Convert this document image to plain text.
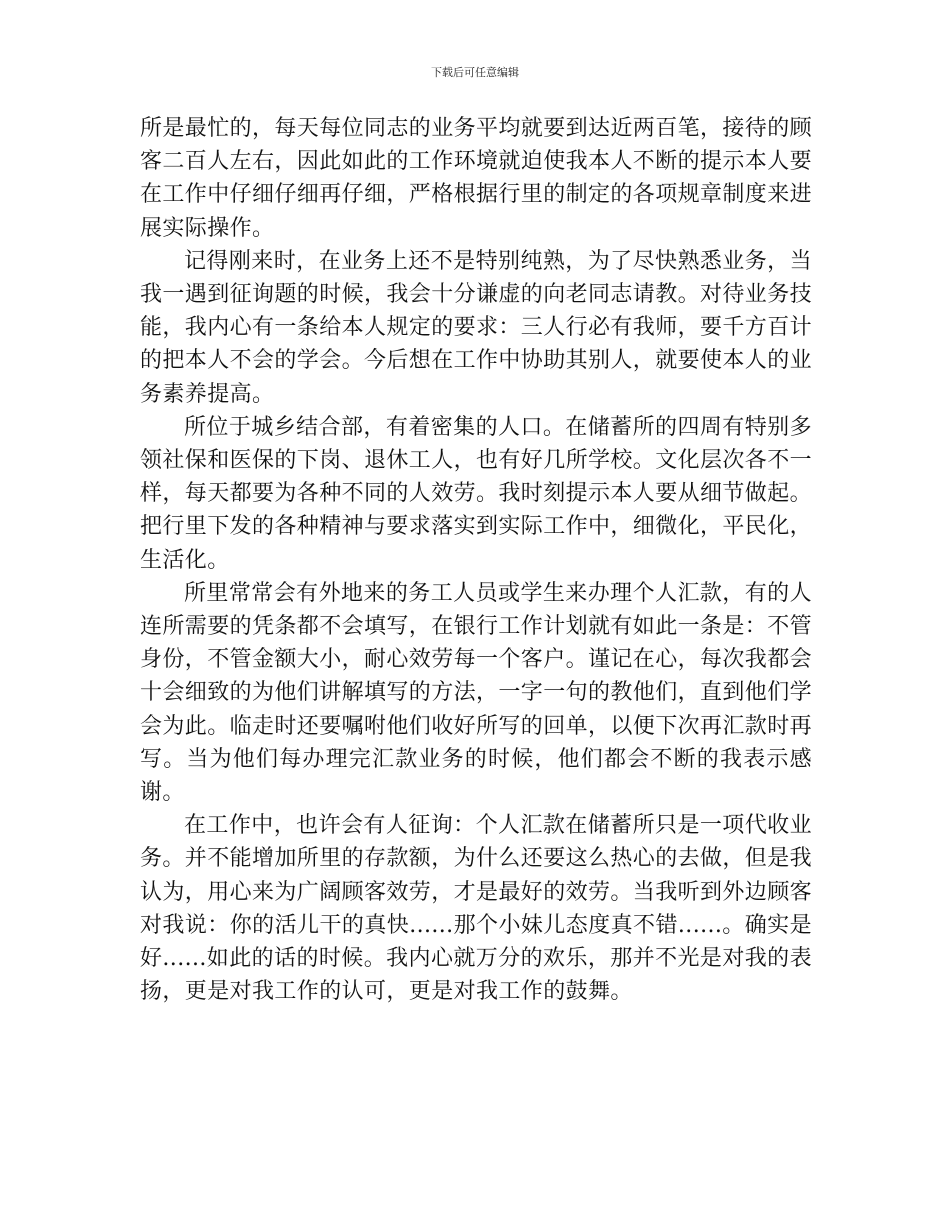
下载后可任意编辑

所是最忙的，每天每位同志的业务平均就要到达近两百笔，接待的顾客二百人左右，因此如此的工作环境就迫使我本人不断的提示本人要在工作中仔细仔细再仔细，严格根据行里的制定的各项规章制度来进展实际操作。

记得刚来时，在业务上还不是特别纯熟，为了尽快熟悉业务，当我一遇到征询题的时候，我会十分谦虚的向老同志请教。对待业务技能，我内心有一条给本人规定的要求：三人行必有我师，要千方百计的把本人不会的学会。今后想在工作中协助其别人，就要使本人的业务素养提高。

所位于城乡结合部，有着密集的人口。在储蓄所的四周有特别多领社保和医保的下岗、退休工人，也有好几所学校。文化层次各不一样，每天都要为各种不同的人效劳。我时刻提示本人要从细节做起。把行里下发的各种精神与要求落实到实际工作中，细微化，平民化，生活化。

所里常常会有外地来的务工人员或学生来办理个人汇款，有的人连所需要的凭条都不会填写，在银行工作计划就有如此一条是：不管身份，不管金额大小，耐心效劳每一个客户。谨记在心，每次我都会十会细致的为他们讲解填写的方法，一字一句的教他们，直到他们学会为此。临走时还要嘱咐他们收好所写的回单，以便下次再汇款时再写。当为他们每办理完汇款业务的时候，他们都会不断的我表示感谢。

在工作中，也许会有人征询：个人汇款在储蓄所只是一项代收业务。并不能增加所里的存款额，为什么还要这么热心的去做，但是我认为，用心来为广阔顾客效劳，才是最好的效劳。当我听到外边顾客对我说：你的活儿干的真快......那个小妹儿态度真不错......。确实是好......如此的话的时候。我内心就万分的欢乐，那并不光是对我的表扬，更是对我工作的认可，更是对我工作的鼓舞。
